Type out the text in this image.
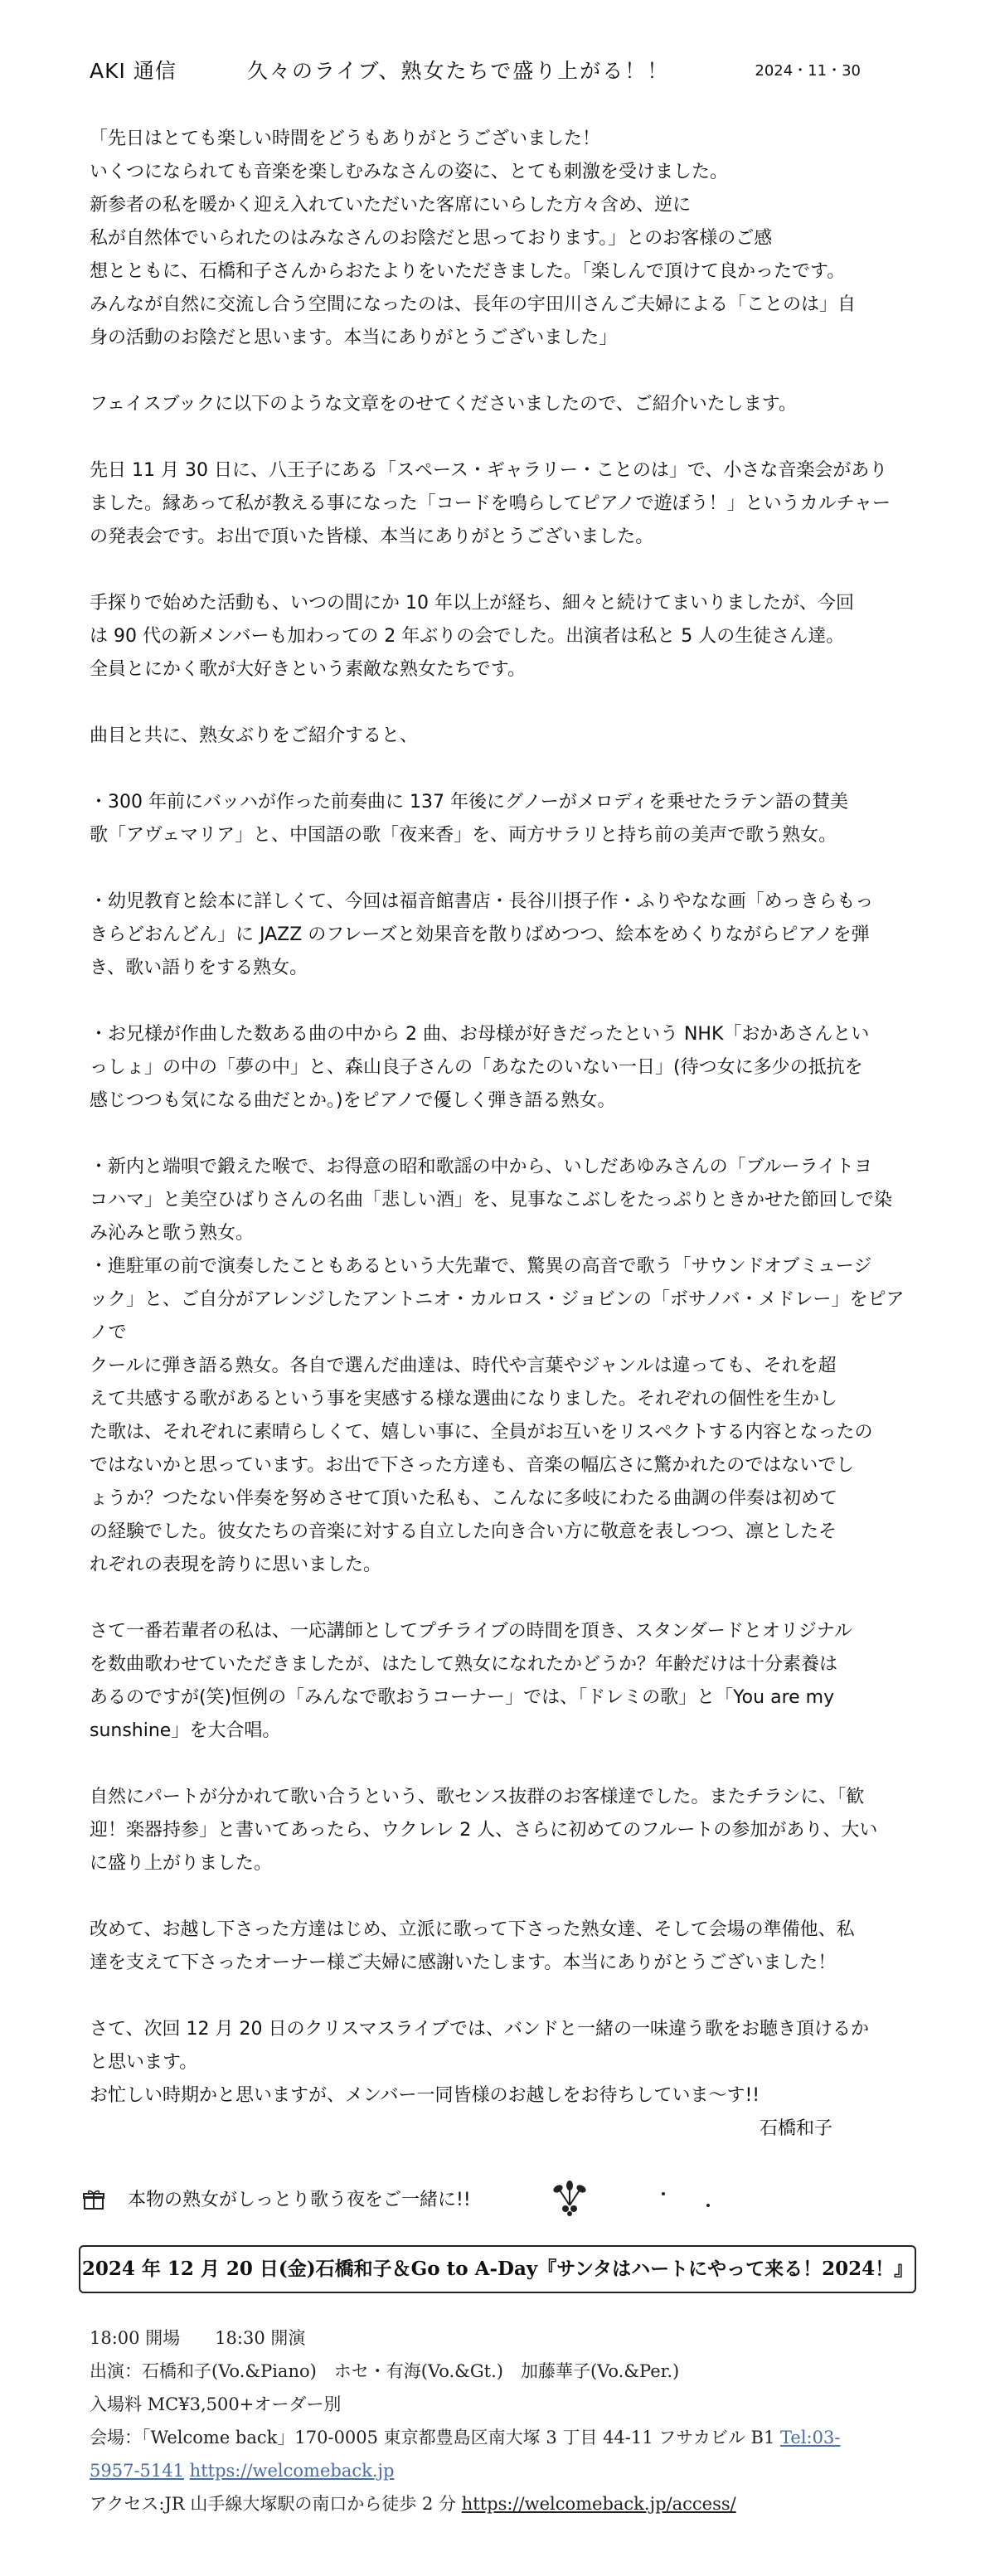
AKI 通信	久々のライブ、熟女たちで盛り上がる！！	2024・11・30

「先日はとても楽しい時間をどうもありがとうございました！
いくつになられても音楽を楽しむみなさんの姿に、とても刺激を受けました。
新参者の私を暖かく迎え入れていただいた客席にいらした方々含め、逆に
私が自然体でいられたのはみなさんのお陰だと思っております。」とのお客様のご感
想とともに、石橋和子さんからおたよりをいただきました。「楽しんで頂けて良かったです。
みんなが自然に交流し合う空間になったのは、長年の宇田川さんご夫婦による「ことのは」自
身の活動のお陰だと思います。本当にありがとうございました」

フェイスブックに以下のような文章をのせてくださいましたので、ご紹介いたします。

先日 11 月 30 日に、八王子にある「スペース・ギャラリー・ことのは」で、小さな音楽会があり
ました。縁あって私が教える事になった「コードを鳴らしてピアノで遊ぼう！」というカルチャー
の発表会です。お出で頂いた皆様、本当にありがとうございました。

手探りで始めた活動も、いつの間にか 10 年以上が経ち、細々と続けてまいりましたが、今回
は 90 代の新メンバーも加わっての 2 年ぶりの会でした。出演者は私と 5 人の生徒さん達。
全員とにかく歌が大好きという素敵な熟女たちです。

曲目と共に、熟女ぶりをご紹介すると、

・300 年前にバッハが作った前奏曲に 137 年後にグノーがメロディを乗せたラテン語の賛美
歌「アヴェマリア」と、中国語の歌「夜来香」を、両方サラリと持ち前の美声で歌う熟女。

・幼児教育と絵本に詳しくて、今回は福音館書店・長谷川摂子作・ふりやなな画「めっきらもっ
きらどおんどん」に JAZZ のフレーズと効果音を散りばめつつ、絵本をめくりながらピアノを弾
き、歌い語りをする熟女。

・お兄様が作曲した数ある曲の中から 2 曲、お母様が好きだったという NHK「おかあさんとい
っしょ」の中の「夢の中」と、森山良子さんの「あなたのいない一日」(待つ女に多少の抵抗を
感じつつも気になる曲だとか。)をピアノで優しく弾き語る熟女。

・新内と端唄で鍛えた喉で、お得意の昭和歌謡の中から、いしだあゆみさんの「ブルーライトヨ
コハマ」と美空ひばりさんの名曲「悲しい酒」を、見事なこぶしをたっぷりときかせた節回しで染
み沁みと歌う熟女。
・進駐軍の前で演奏したこともあるという大先輩で、驚異の高音で歌う「サウンドオブミュージ
ック」と、ご自分がアレンジしたアントニオ・カルロス・ジョビンの「ボサノバ・メドレー」をピアノで
クールに弾き語る熟女。各自で選んだ曲達は、時代や言葉やジャンルは違っても、それを超
えて共感する歌があるという事を実感する様な選曲になりました。それぞれの個性を生かし
た歌は、それぞれに素晴らしくて、嬉しい事に、全員がお互いをリスペクトする内容となったの
ではないかと思っています。お出で下さった方達も、音楽の幅広さに驚かれたのではないでし
ょうか？つたない伴奏を努めさせて頂いた私も、こんなに多岐にわたる曲調の伴奏は初めて
の経験でした。彼女たちの音楽に対する自立した向き合い方に敬意を表しつつ、凛としたそ
れぞれの表現を誇りに思いました。

さて一番若輩者の私は、一応講師としてプチライブの時間を頂き、スタンダードとオリジナル
を数曲歌わせていただきましたが、はたして熟女になれたかどうか？年齢だけは十分素養は
あるのですが(笑)恒例の「みんなで歌おうコーナー」では、「ドレミの歌」と「You are my
sunshine」を大合唱。

自然にパートが分かれて歌い合うという、歌センス抜群のお客様達でした。またチラシに、「歓
迎！楽器持参」と書いてあったら、ウクレレ 2 人、さらに初めてのフルートの参加があり、大い
に盛り上がりました。

改めて、お越し下さった方達はじめ、立派に歌って下さった熟女達、そして会場の準備他、私
達を支えて下さったオーナー様ご夫婦に感謝いたします。本当にありがとうございました！

さて、次回 12 月 20 日のクリスマスライブでは、バンドと一緒の一味違う歌をお聴き頂けるか
と思います。
お忙しい時期かと思いますが、メンバー一同皆様のお越しをお待ちしていま～す!!

石橋和子

本物の熟女がしっとり歌う夜をご一緒に!!
2024 年 12 月 20 日(金)石橋和子＆Go to A-Day『サンタはハートにやって来る！2024！』
18:00 開場　　18:30 開演
出演：石橋和子(Vo.&Piano)　ホセ・有海(Vo.&Gt.)　加藤華子(Vo.&Per.)
入場料 MC¥3,500+オーダー別
会場：「Welcome back」170-0005 東京都豊島区南大塚 3 丁目 44-11 フサカビル B1 Tel:03-
5957-5141 https://welcomeback.jp
アクセス:JR 山手線大塚駅の南口から徒歩 2 分 https://welcomeback.jp/access/
